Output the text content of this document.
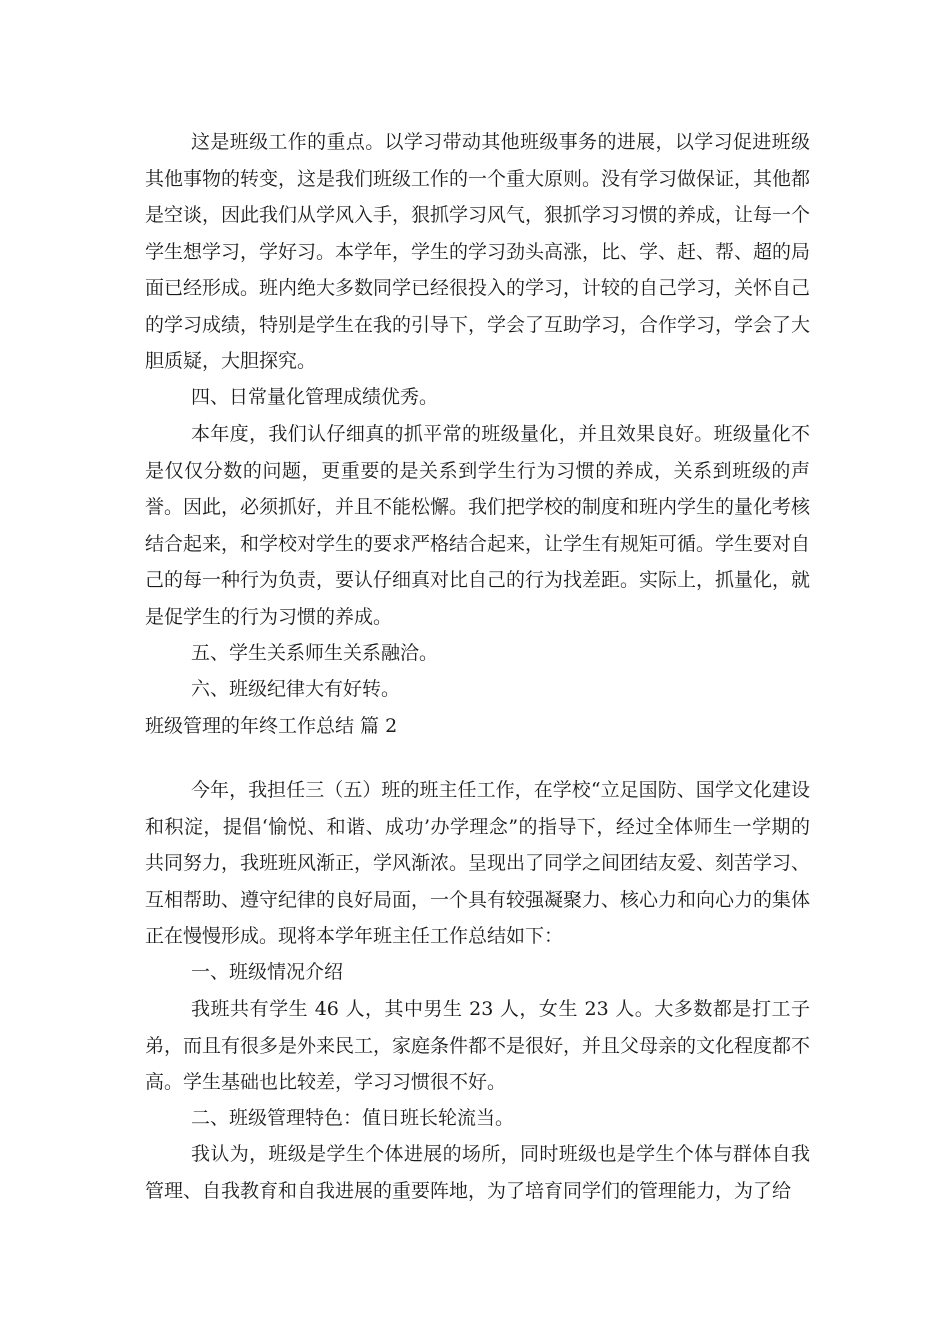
这是班级工作的重点。以学习带动其他班级事务的进展，以学习促进班级其他事物的转变，这是我们班级工作的一个重大原则。没有学习做保证，其他都是空谈，因此我们从学风入手，狠抓学习风气，狠抓学习习惯的养成，让每一个学生想学习，学好习。本学年，学生的学习劲头高涨，比、学、赶、帮、超的局面已经形成。班内绝大多数同学已经很投入的学习，计较的自己学习，关怀自己的学习成绩，特别是学生在我的引导下，学会了互助学习，合作学习，学会了大胆质疑，大胆探究。

四、日常量化管理成绩优秀。

本年度，我们认仔细真的抓平常的班级量化，并且效果良好。班级量化不是仅仅分数的问题，更重要的是关系到学生行为习惯的养成，关系到班级的声誉。因此，必须抓好，并且不能松懈。我们把学校的制度和班内学生的量化考核结合起来，和学校对学生的要求严格结合起来，让学生有规矩可循。学生要对自己的每一种行为负责，要认仔细真对比自己的行为找差距。实际上，抓量化，就是促学生的行为习惯的养成。

五、学生关系师生关系融洽。

六、班级纪律大有好转。

班级管理的年终工作总结 篇 2

今年，我担任三（五）班的班主任工作，在学校“立足国防、国学文化建设和积淀，提倡‘愉悦、和谐、成功’办学理念”的指导下，经过全体师生一学期的共同努力，我班班风渐正，学风渐浓。呈现出了同学之间团结友爱、刻苦学习、互相帮助、遵守纪律的良好局面，一个具有较强凝聚力、核心力和向心力的集体正在慢慢形成。现将本学年班主任工作总结如下：

一、班级情况介绍

我班共有学生 46 人，其中男生 23 人，女生 23 人。大多数都是打工子弟，而且有很多是外来民工，家庭条件都不是很好，并且父母亲的文化程度都不高。学生基础也比较差，学习习惯很不好。

二、班级管理特色：值日班长轮流当。

我认为，班级是学生个体进展的场所，同时班级也是学生个体与群体自我管理、自我教育和自我进展的重要阵地，为了培育同学们的管理能力，为了给
